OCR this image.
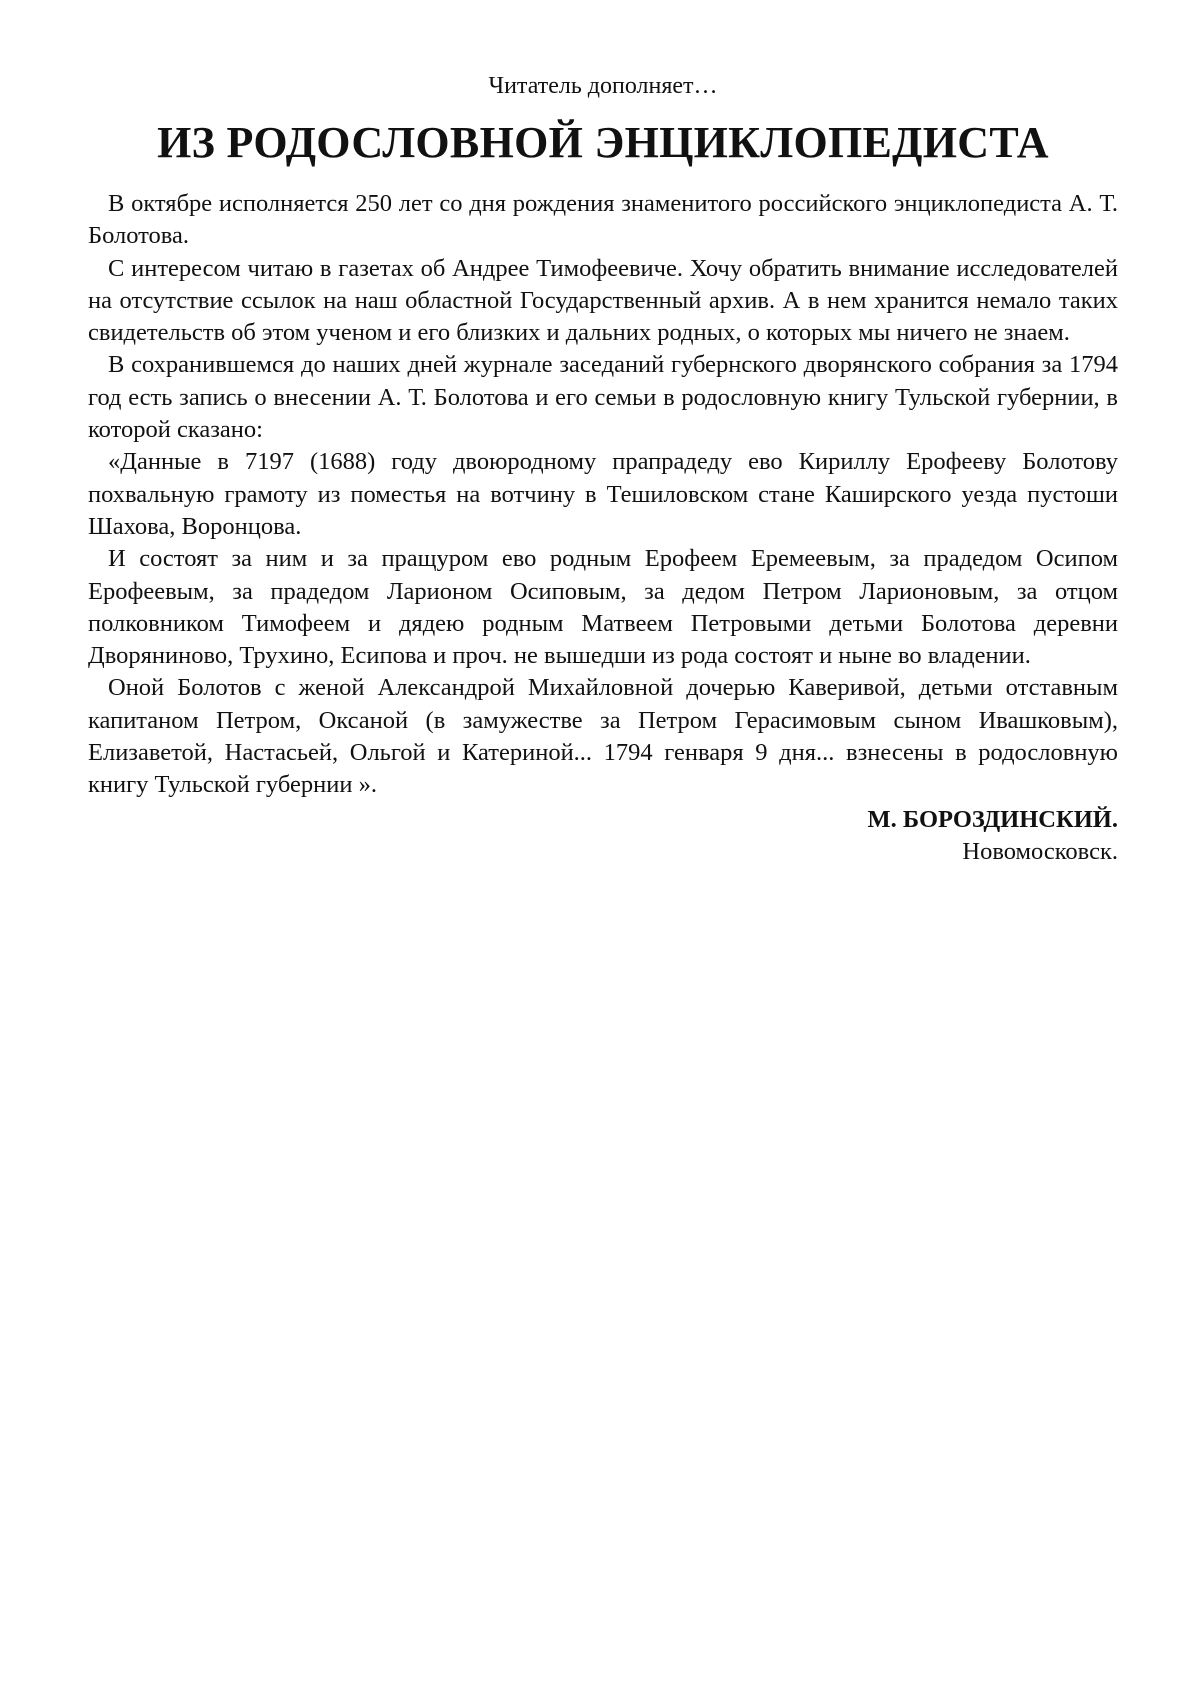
Читатель дополняет…
ИЗ РОДОСЛОВНОЙ ЭНЦИКЛОПЕДИСТА

В октябре исполняется 250 лет со дня рождения знаменитого российского энциклопедиста А. Т. Болотова.

С интересом читаю в газетах об Андрее Тимофеевиче. Хочу обратить внимание исследователей на отсутствие ссылок на наш областной Государственный архив. А в нем хранится немало таких свидетельств об этом ученом и его близких и дальних родных, о которых мы ничего не знаем.

В сохранившемся до наших дней журнале заседаний губернского дворянского собрания за 1794 год есть запись о внесении А. Т. Болотова и его семьи в родословную книгу Тульской губернии, в которой сказано:

«Данные в 7197 (1688) году двоюродному прапрадеду ево Кириллу Ерофееву Болотову похвальную грамоту из поместья на вотчину в Тешиловском стане Каширского уезда пустоши Шахова, Воронцова.

И состоят за ним и за пращуром ево родным Ерофеем Еремеевым, за прадедом Осипом Ерофеевым, за прадедом Ларионом Осиповым, за дедом Петром Ларионовым, за отцом полковником Тимофеем и дядею родным Матвеем Петровыми детьми Болотова деревни Дворяниново, Трухино, Есипова и проч. не вышедши из рода состоят и ныне во владении.

Оной Болотов с женой Александрой Михайловной дочерью Каверивой, детьми отставным капитаном Петром, Оксаной (в замужестве за Петром Герасимовым сыном Ивашковым), Елизаветой, Настасьей, Ольгой и Катериной... 1794 генваря 9 дня... взнесены в родословную книгу Тульской губернии ».

М. БОРОЗДИНСКИЙ.
Новомосковск.
